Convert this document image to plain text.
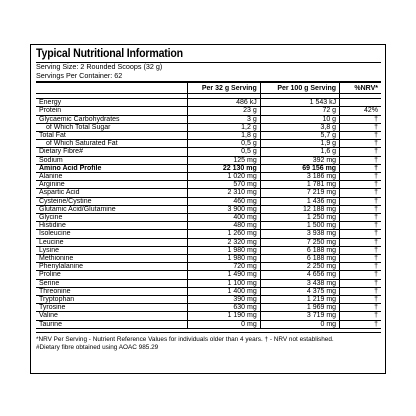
Typical Nutritional Information
Serving Size: 2 Rounded Scoops (32 g)
Servings Per Container: 62
	Per 32 g Serving	Per 100 g Serving	%NRV*

Energy	486 kJ	1 543 kJ	
Protein	23 g	72 g	42%
Glycaemic Carbohydrates	3 g	10 g	†
of Which Total Sugar	1,2 g	3,8 g	†
Total Fat	1,8 g	5,7 g	†
of Which Saturated Fat	0,5 g	1,9 g	†
Dietary Fibre#	0,5 g	1,6 g	†
Sodium	125 mg	392 mg	†
Amino Acid Profile	22 130 mg	69 156 mg	†
Alanine	1 020 mg	3 186 mg	†
Arginine	570 mg	1 781 mg	†
Aspartic Acid	2 310 mg	7 219 mg	†
Cysteine/Cystine	460 mg	1 436 mg	†
Glutamic Acid/Glutamine	3 900 mg	12 188 mg	†
Glycine	400 mg	1 250 mg	†
Histidine	480 mg	1 500 mg	†
Isoleucine	1 260 mg	3 938 mg	†
Leucine	2 320 mg	7 250 mg	†
Lysine	1 980 mg	6 188 mg	†
Methionine	1 980 mg	6 188 mg	†
Phenylalanine	720 mg	2 250 mg	†
Proline	1 490 mg	4 656 mg	†
Serine	1 100 mg	3 438 mg	†
Threonine	1 400 mg	4 375 mg	†
Tryptophan	390 mg	1 219 mg	†
Tyrosine	630 mg	1 969 mg	†
Valine	1 190 mg	3 719 mg	†
Taurine	0 mg	0 mg	†
*NRV Per Serving - Nutrient Reference Values for individuals older than 4 years. † - NRV not established.
#Dietary fibre obtained using AOAC 985.29
